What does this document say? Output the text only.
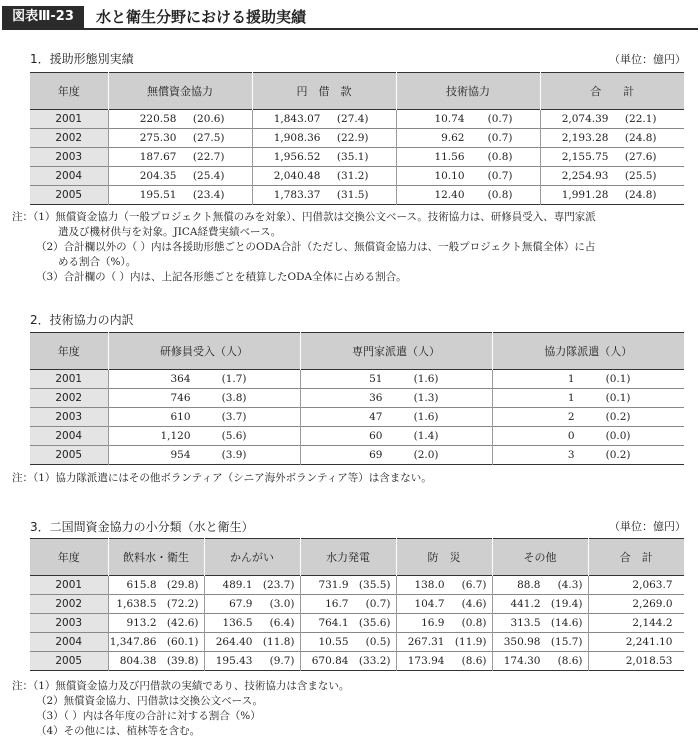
図表Ⅲ-23	水と衛生分野における援助実績
1．援助形態別実績	（単位：億円）
年度	無償資金協力	円　借　款	技術協力	合　　計
2001	220.58 (20.6)	1,843.07 (27.4)	10.74 (0.7)	2,074.39 (22.1)
2002	275.30 (27.5)	1,908.36 (22.9)	9.62 (0.7)	2,193.28 (24.8)
2003	187.67 (22.7)	1,956.52 (35.1)	11.56 (0.8)	2,155.75 (27.6)
2004	204.35 (25.4)	2,040.48 (31.2)	10.10 (0.7)	2,254.93 (25.5)
2005	195.51 (23.4)	1,783.37 (31.5)	12.40 (0.8)	1,991.28 (24.8)
注：（1）無償資金協力（一般プロジェクト無償のみを対象）、円借款は交換公文ベース。技術協力は、研修員受入、専門家派
遣及び機材供与を対象。JICA経費実績ベース。
（2）合計欄以外の（ ）内は各援助形態ごとのODA合計（ただし、無償資金協力は、一般プロジェクト無償全体）に占
める割合（%）。
（3）合計欄の（ ）内は、上記各形態ごとを積算したODA全体に占める割合。
2．技術協力の内訳
年度	研修員受入（人）	専門家派遣（人）	協力隊派遣（人）
2001	364 (1.7)	51 (1.6)	1 (0.1)
2002	746 (3.8)	36 (1.3)	1 (0.1)
2003	610 (3.7)	47 (1.6)	2 (0.2)
2004	1,120 (5.6)	60 (1.4)	0 (0.0)
2005	954 (3.9)	69 (2.0)	3 (0.2)
注：（1）協力隊派遣にはその他ボランティア（シニア海外ボランティア等）は含まない。
3．二国間資金協力の小分類（水と衛生）	（単位：億円）
年度	飲料水・衛生	かんがい	水力発電	防　災	その他	合　計
2001	615.8 (29.8)	489.1 (23.7)	731.9 (35.5)	138.0 (6.7)	88.8 (4.3)	2,063.7
2002	1,638.5 (72.2)	67.9 (3.0)	16.7 (0.7)	104.7 (4.6)	441.2 (19.4)	2,269.0
2003	913.2 (42.6)	136.5 (6.4)	764.1 (35.6)	16.9 (0.8)	313.5 (14.6)	2,144.2
2004	1,347.86 (60.1)	264.40 (11.8)	10.55 (0.5)	267.31 (11.9)	350.98 (15.7)	2,241.10
2005	804.38 (39.8)	195.43 (9.7)	670.84 (33.2)	173.94 (8.6)	174.30 (8.6)	2,018.53
注：（1）無償資金協力及び円借款の実績であり、技術協力は含まない。
（2）無償資金協力、円借款は交換公文ベース。
（3）（ ）内は各年度の合計に対する割合（%）
（4）その他には、植林等を含む。
